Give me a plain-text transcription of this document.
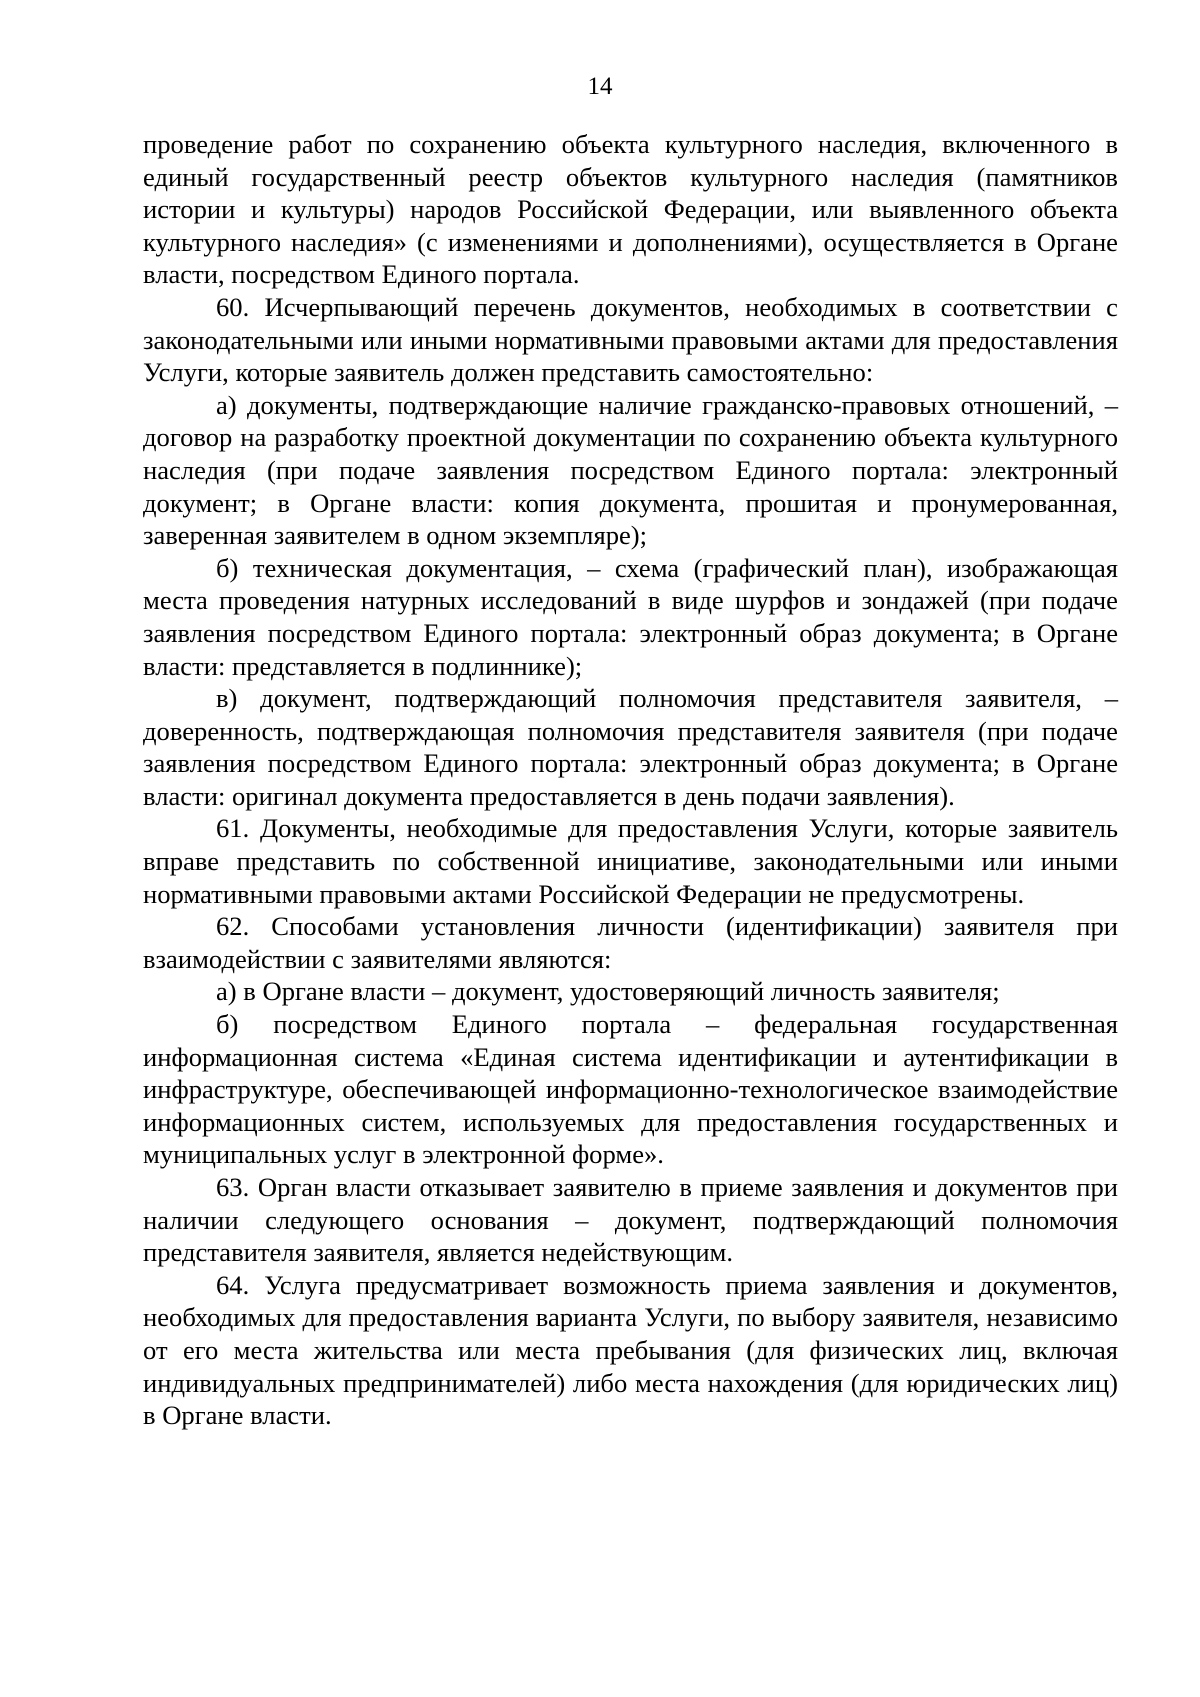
14

проведение работ по сохранению объекта культурного наследия, включенного в единый государственный реестр объектов культурного наследия (памятников истории и культуры) народов Российской Федерации, или выявленного объекта культурного наследия» (с изменениями и дополнениями), осуществляется в Органе власти, посредством Единого портала.

60. Исчерпывающий перечень документов, необходимых в соответствии с законодательными или иными нормативными правовыми актами для предоставления Услуги, которые заявитель должен представить самостоятельно:

а) документы, подтверждающие наличие гражданско-правовых отношений, – договор на разработку проектной документации по сохранению объекта культурного наследия (при подаче заявления посредством Единого портала: электронный документ; в Органе власти: копия документа, прошитая и пронумерованная, заверенная заявителем в одном экземпляре);

б) техническая документация, – схема (графический план), изображающая места проведения натурных исследований в виде шурфов и зондажей (при подаче заявления посредством Единого портала: электронный образ документа; в Органе власти: представляется в подлиннике);

в) документ, подтверждающий полномочия представителя заявителя, – доверенность, подтверждающая полномочия представителя заявителя (при подаче заявления посредством Единого портала: электронный образ документа; в Органе власти: оригинал документа предоставляется в день подачи заявления).

61. Документы, необходимые для предоставления Услуги, которые заявитель вправе представить по собственной инициативе, законодательными или иными нормативными правовыми актами Российской Федерации не предусмотрены.

62. Способами установления личности (идентификации) заявителя при взаимодействии с заявителями являются:

а) в Органе власти – документ, удостоверяющий личность заявителя;

б) посредством Единого портала – федеральная государственная информационная система «Единая система идентификации и аутентификации в инфраструктуре, обеспечивающей информационно-технологическое взаимодействие информационных систем, используемых для предоставления государственных и муниципальных услуг в электронной форме».

63. Орган власти отказывает заявителю в приеме заявления и документов при наличии следующего основания – документ, подтверждающий полномочия представителя заявителя, является недействующим.

64. Услуга предусматривает возможность приема заявления и документов, необходимых для предоставления варианта Услуги, по выбору заявителя, независимо от его места жительства или места пребывания (для физических лиц, включая индивидуальных предпринимателей) либо места нахождения (для юридических лиц) в Органе власти.
